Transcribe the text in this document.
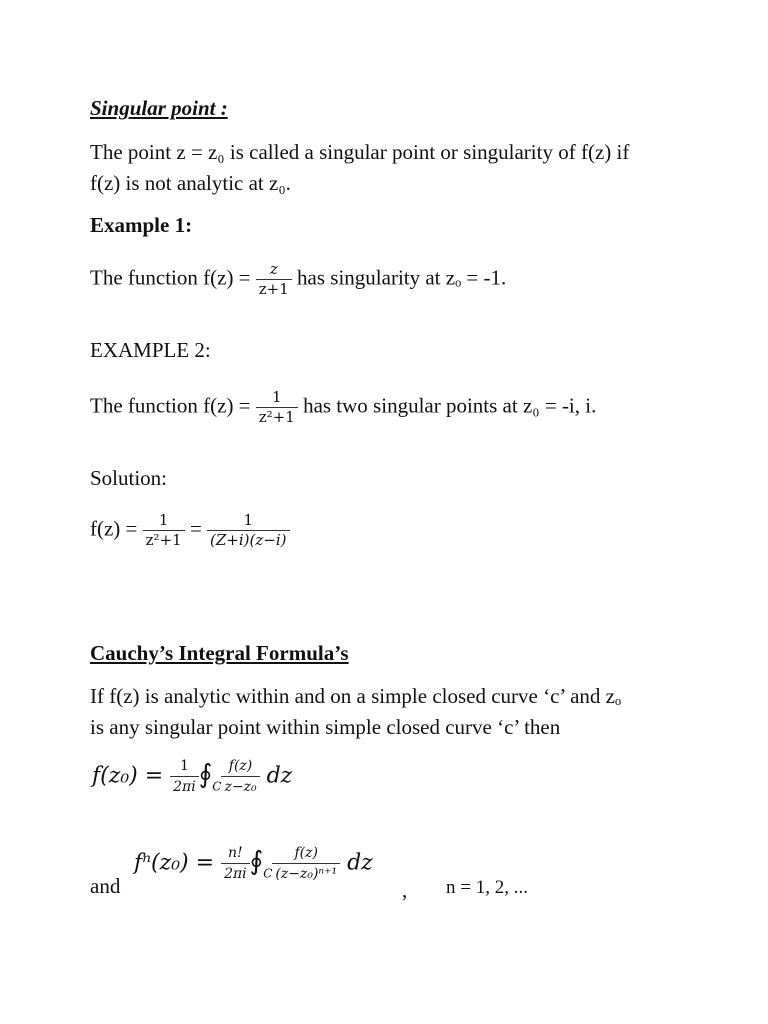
Singular point :
The point z = z₀ is called a singular point or singularity of f(z) if
f(z) is not analytic at z₀.
Example 1:
The function $f(z) = \frac{z}{z+1}$ has singularity at zₒ = -1.
EXAMPLE 2:
The function $f(z) = \frac{1}{\text{z²+1}}$ has two singular points at z₀ = -i, i.
Solution:
$f(z) = \frac{1}{\text{z²+1}} = \frac{1}{(Z+i)(z-i)}$
Cauchy’s Integral Formula’s
If f(z) is analytic within and on a simple closed curve ‘c’ and zₒ
is any singular point within simple closed curve ‘c’ then
$f(z_0) = \frac{1}{2\pi i}$ $∮_C \frac{f(z)}{\text{z−z₀}}$ dz
and
$f^n(z_0) = \frac{n!}{2\pi i}$ $∮_C \frac{f(z)}{\text{(z−z₀)ⁿ⁺¹}}$ dz
, n = 1, 2, ...
